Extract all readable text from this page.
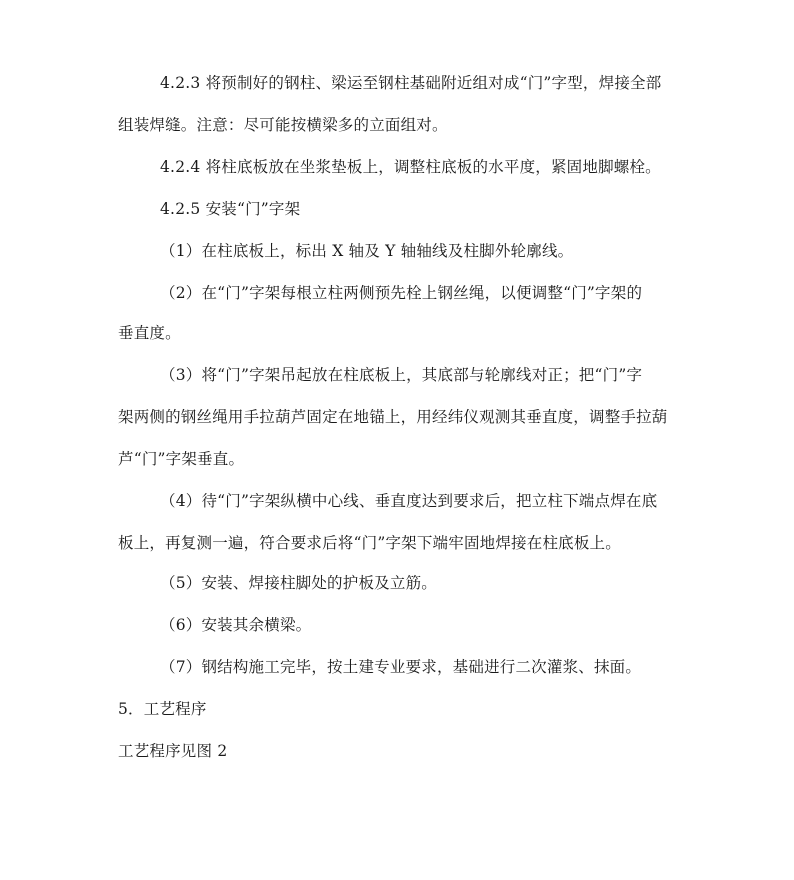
4.2.3 将预制好的钢柱、梁运至钢柱基础附近组对成“门”字型，焊接全部
组装焊缝。注意：尽可能按横梁多的立面组对。
4.2.4 将柱底板放在坐浆垫板上，调整柱底板的水平度，紧固地脚螺栓。
4.2.5 安装“门”字架
（1）在柱底板上，标出 X 轴及 Y 轴轴线及柱脚外轮廓线。
（2）在“门”字架每根立柱两侧预先栓上钢丝绳，以便调整“门”字架的
垂直度。
（3）将“门”字架吊起放在柱底板上，其底部与轮廓线对正；把“门”字
架两侧的钢丝绳用手拉葫芦固定在地锚上，用经纬仪观测其垂直度，调整手拉葫
芦“门”字架垂直。
（4）待“门”字架纵横中心线、垂直度达到要求后，把立柱下端点焊在底
板上，再复测一遍，符合要求后将“门”字架下端牢固地焊接在柱底板上。
（5）安装、焊接柱脚处的护板及立筋。
（6）安装其余横梁。
（7）钢结构施工完毕，按土建专业要求，基础进行二次灌浆、抹面。
5．工艺程序
工艺程序见图 2
